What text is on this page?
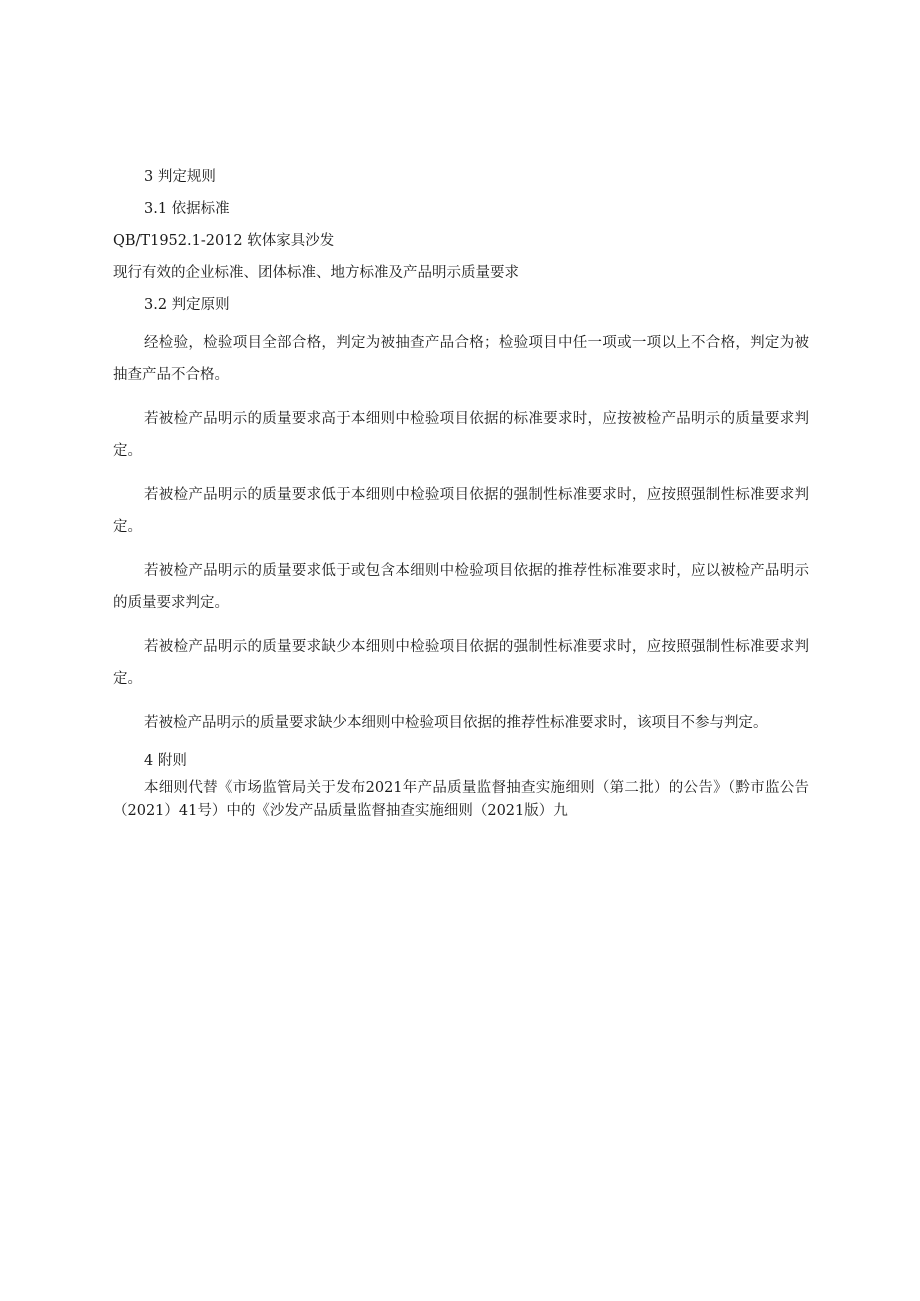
3 判定规则

3.1 依据标准

QB/T1952.1-2012 软体家具沙发

现行有效的企业标准、团体标准、地方标准及产品明示质量要求

3.2 判定原则

经检验，检验项目全部合格，判定为被抽查产品合格；检验项目中任一项或一项以上不合格，判定为被抽查产品不合格。

若被检产品明示的质量要求高于本细则中检验项目依据的标准要求时，应按被检产品明示的质量要求判定。

若被检产品明示的质量要求低于本细则中检验项目依据的强制性标准要求时，应按照强制性标准要求判定。

若被检产品明示的质量要求低于或包含本细则中检验项目依据的推荐性标准要求时，应以被检产品明示的质量要求判定。

若被检产品明示的质量要求缺少本细则中检验项目依据的强制性标准要求时，应按照强制性标准要求判定。

若被检产品明示的质量要求缺少本细则中检验项目依据的推荐性标准要求时，该项目不参与判定。

4 附则

本细则代替《市场监管局关于发布2021年产品质量监督抽查实施细则（第二批）的公告》（黔市监公告（2021）41号）中的《沙发产品质量监督抽查实施细则（2021版）九
